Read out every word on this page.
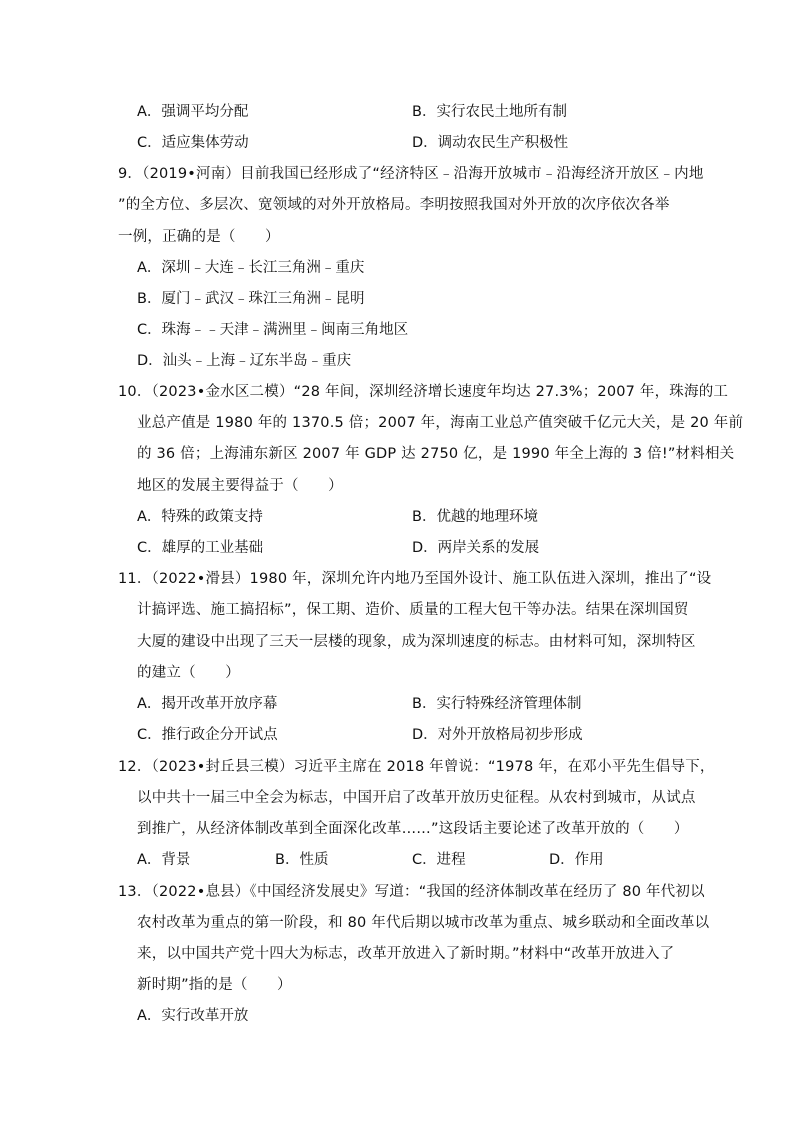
A．强调平均分配	B．实行农民土地所有制
C．适应集体劳动	D．调动农民生产积极性
9．（2019•河南）目前我国已经形成了“经济特区﹣沿海开放城市﹣沿海经济开放区﹣内地
”的全方位、多层次、宽领域的对外开放格局。李明按照我国对外开放的次序依次各举
一例，正确的是（　　）
A．深圳﹣大连﹣长江三角洲﹣重庆
B．厦门﹣武汉﹣珠江三角洲﹣昆明
C．珠海﹣﹣天津﹣满洲里﹣闽南三角地区
D．汕头﹣上海﹣辽东半岛﹣重庆
10．（2023•金水区二模）“28 年间，深圳经济增长速度年均达 27.3%；2007 年，珠海的工
业总产值是 1980 年的 1370.5 倍；2007 年，海南工业总产值突破千亿元大关，是 20 年前
的 36 倍；上海浦东新区 2007 年 GDP 达 2750 亿，是 1990 年全上海的 3 倍!”材料相关
地区的发展主要得益于（　　）
A．特殊的政策支持	B．优越的地理环境
C．雄厚的工业基础	D．两岸关系的发展
11．（2022•滑县）1980 年，深圳允许内地乃至国外设计、施工队伍进入深圳，推出了“设
计搞评选、施工搞招标”，保工期、造价、质量的工程大包干等办法。结果在深圳国贸
大厦的建设中出现了三天一层楼的现象，成为深圳速度的标志。由材料可知，深圳特区
的建立（　　）
A．揭开改革开放序幕	B．实行特殊经济管理体制
C．推行政企分开试点	D．对外开放格局初步形成
12．（2023•封丘县三模）习近平主席在 2018 年曾说：“1978 年，在邓小平先生倡导下，
以中共十一届三中全会为标志，中国开启了改革开放历史征程。从农村到城市，从试点
到推广，从经济体制改革到全面深化改革……”这段话主要论述了改革开放的（　　）
A．背景	B．性质	C．进程	D．作用
13．（2022•息县）《中国经济发展史》写道：“我国的经济体制改革在经历了 80 年代初以
农村改革为重点的第一阶段，和 80 年代后期以城市改革为重点、城乡联动和全面改革以
来，以中国共产党十四大为标志，改革开放进入了新时期。”材料中“改革开放进入了
新时期”指的是（　　）
A．实行改革开放
